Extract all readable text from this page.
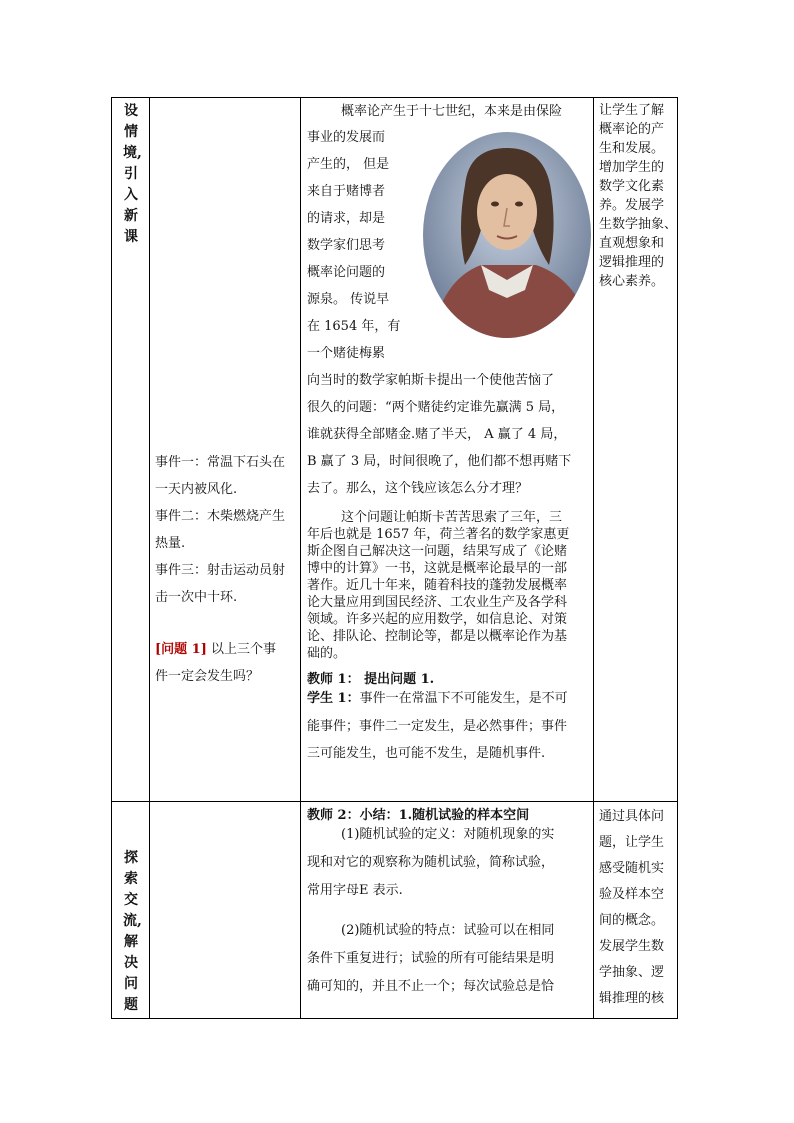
设情境,引入新课
事件一：常温下石头在
一天内被风化.
事件二：木柴燃烧产生
热量.
事件三：射击运动员射
击一次中十环.
[问题 1] 以上三个事
件一定会发生吗？
概率论产生于十七世纪，本来是由保险
事业的发展而
产生的， 但是
来自于赌博者
的请求，却是
数学家们思考
概率论问题的
源泉。 传说早
在 1654 年，有
一个赌徒梅累
向当时的数学家帕斯卡提出一个使他苦恼了
很久的问题：“两个赌徒约定谁先赢满 5 局，
谁就获得全部赌金.赌了半天， A 赢了 4 局，
B 赢了 3 局，时间很晚了，他们都不想再赌下
去了。那么，这个钱应该怎么分才理？
这个问题让帕斯卡苦苦思索了三年，三
年后也就是 1657 年，荷兰著名的数学家惠更
斯企图自己解决这一问题，结果写成了《论赌
博中的计算》一书，这就是概率论最早的一部
著作。近几十年来，随着科技的蓬勃发展概率
论大量应用到国民经济、工农业生产及各学科
领域。许多兴起的应用数学，如信息论、对策
论、排队论、控制论等，都是以概率论作为基
础的。
教师 1： 提出问题 1.
学生 1：事件一在常温下不可能发生，是不可
能事件；事件二一定发生，是必然事件；事件
三可能发生，也可能不发生，是随机事件.
让学生了解
概率论的产
生和发展。
增加学生的
数学文化素
养。发展学
生数学抽象、
直观想象和
逻辑推理的
核心素养。
探索交流,解决问题
教师 2：小结：1.随机试验的样本空间
(1)随机试验的定义：对随机现象的实
现和对它的观察称为随机试验，简称试验，
常用字母E 表示.
(2)随机试验的特点：试验可以在相同
条件下重复进行；试验的所有可能结果是明
确可知的，并且不止一个；每次试验总是恰
通过具体问
题，让学生
感受随机实
验及样本空
间的概念。
发展学生数
学抽象、逻
辑推理的核
